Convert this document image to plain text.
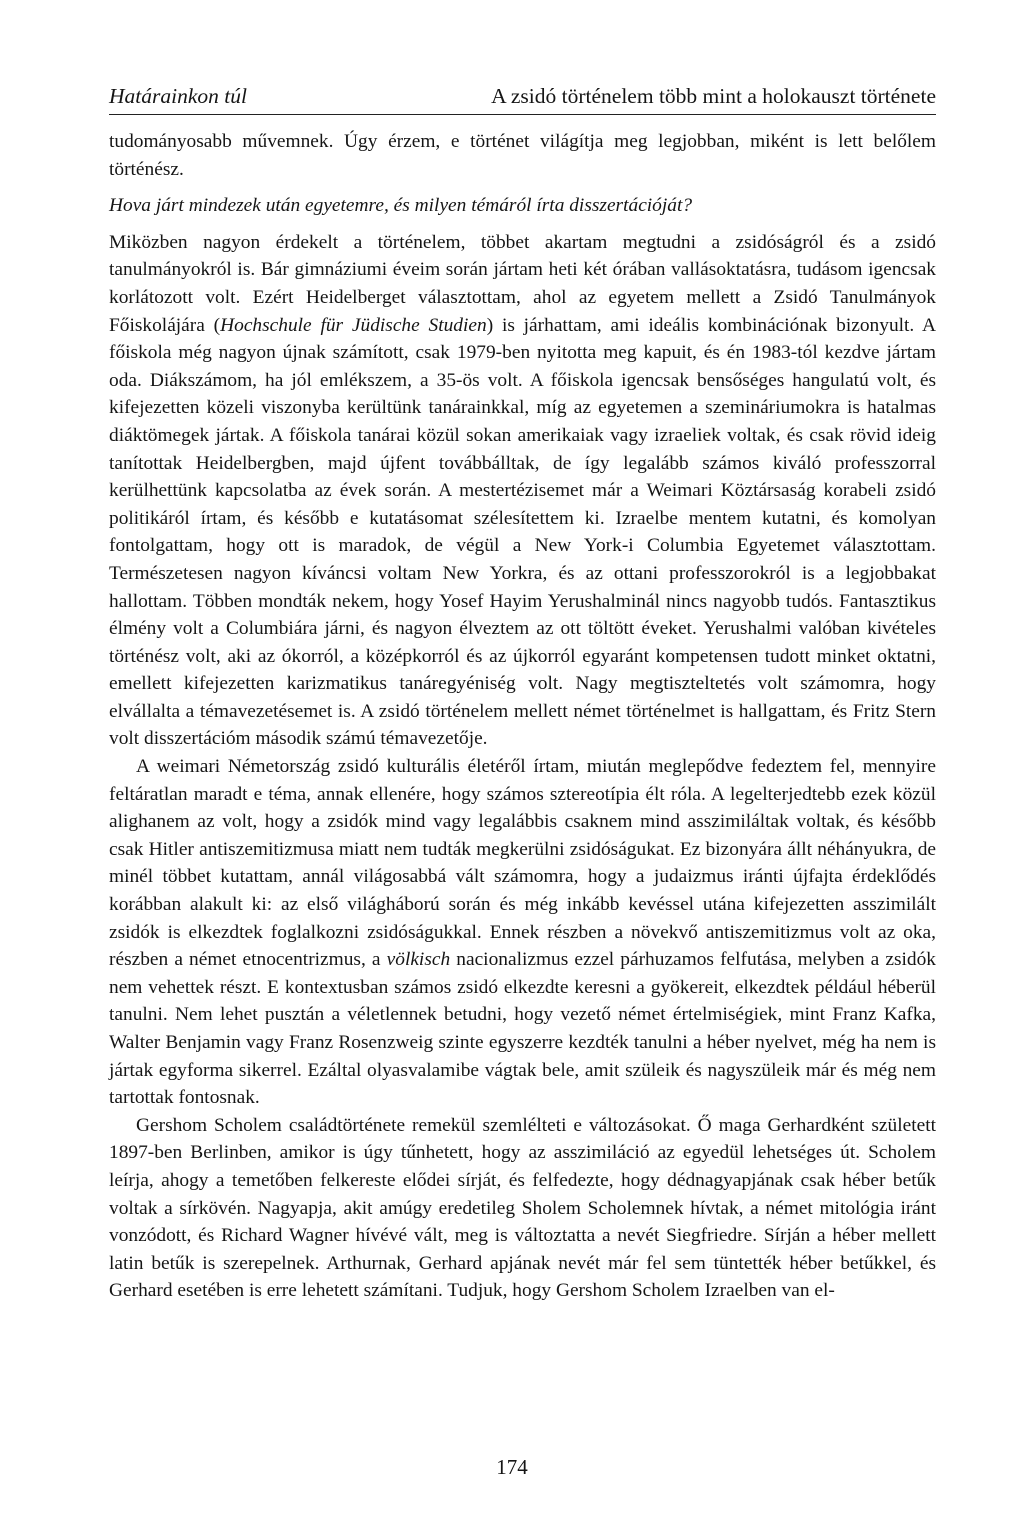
Határainkon túl	A zsidó történelem több mint a holokauszt története

tudományosabb művemnek. Úgy érzem, e történet világítja meg legjobban, miként is lett belőlem történész.

Hova járt mindezek után egyetemre, és milyen témáról írta disszertációját?

Miközben nagyon érdekelt a történelem, többet akartam megtudni a zsidóságról és a zsidó tanulmányokról is. Bár gimnáziumi éveim során jártam heti két órában vallásoktatásra, tudásom igencsak korlátozott volt. Ezért Heidelberget választottam, ahol az egyetem mellett a Zsidó Tanulmányok Főiskolájára (Hochschule für Jüdische Studien) is járhattam, ami ideális kombinációnak bizonyult. A főiskola még nagyon újnak számított, csak 1979-ben nyitotta meg kapuit, és én 1983-tól kezdve jártam oda. Diákszámom, ha jól emlékszem, a 35-ös volt. A főiskola igencsak bensőséges hangulatú volt, és kifejezetten közeli viszonyba kerültünk tanárainkkal, míg az egyetemen a szemináriumokra is hatalmas diáktömegek jártak. A főiskola tanárai közül sokan amerikaiak vagy izraeliek voltak, és csak rövid ideig tanítottak Heidelbergben, majd újfent továbbálltak, de így legalább számos kiváló professzorral kerülhettünk kapcsolatba az évek során. A mestertézisemet már a Weimari Köztársaság korabeli zsidó politikáról írtam, és később e kutatásomat szélesítettem ki. Izraelbe mentem kutatni, és komolyan fontolgattam, hogy ott is maradok, de végül a New York-i Columbia Egyetemet választottam. Természetesen nagyon kíváncsi voltam New Yorkra, és az ottani professzorokról is a legjobbakat hallottam. Többen mondták nekem, hogy Yosef Hayim Yerushalminál nincs nagyobb tudós. Fantasztikus élmény volt a Columbiára járni, és nagyon élveztem az ott töltött éveket. Yerushalmi valóban kivételes történész volt, aki az ókorról, a középkorról és az újkorról egyaránt kompetensen tudott minket oktatni, emellett kifejezetten karizmatikus tanáregyéniség volt. Nagy megtiszteltetés volt számomra, hogy elvállalta a témavezetésemet is. A zsidó történelem mellett német történelmet is hallgattam, és Fritz Stern volt disszertációm második számú témavezetője.

A weimari Németország zsidó kulturális életéről írtam, miután meglepődve fedeztem fel, mennyire feltáratlan maradt e téma, annak ellenére, hogy számos sztereotípia élt róla. A legelterjedtebb ezek közül alighanem az volt, hogy a zsidók mind vagy legalábbis csaknem mind asszimiláltak voltak, és később csak Hitler antiszemitizmusa miatt nem tudták megkerülni zsidóságukat. Ez bizonyára állt néhányukra, de minél többet kutattam, annál világosabbá vált számomra, hogy a judaizmus iránti újfajta érdeklődés korábban alakult ki: az első világháború során és még inkább kevéssel utána kifejezetten asszimilált zsidók is elkezdtek foglalkozni zsidóságukkal. Ennek részben a növekvő antiszemitizmus volt az oka, részben a német etnocentrizmus, a völkisch nacionalizmus ezzel párhuzamos felfutása, melyben a zsidók nem vehettek részt. E kontextusban számos zsidó elkezdte keresni a gyökereit, elkezdtek például héberül tanulni. Nem lehet pusztán a véletlennek betudni, hogy vezető német értelmiségiek, mint Franz Kafka, Walter Benjamin vagy Franz Rosenzweig szinte egyszerre kezdték tanulni a héber nyelvet, még ha nem is jártak egyforma sikerrel. Ezáltal olyasvalamibe vágtak bele, amit szüleik és nagyszüleik már és még nem tartottak fontosnak.

Gershom Scholem családtörténete remekül szemlélteti e változásokat. Ő maga Gerhardként született 1897-ben Berlinben, amikor is úgy tűnhetett, hogy az asszimiláció az egyedül lehetséges út. Scholem leírja, ahogy a temetőben felkereste elődei sírját, és felfedezte, hogy dédnagyapjának csak héber betűk voltak a sírkövén. Nagyapja, akit amúgy eredetileg Sholem Scholemnek hívtak, a német mitológia iránt vonzódott, és Richard Wagner hívévé vált, meg is változtatta a nevét Siegfriedre. Sírján a héber mellett latin betűk is szerepelnek. Arthurnak, Gerhard apjának nevét már fel sem tüntették héber betűkkel, és Gerhard esetében is erre lehetett számítani. Tudjuk, hogy Gershom Scholem Izraelben van el-

174
